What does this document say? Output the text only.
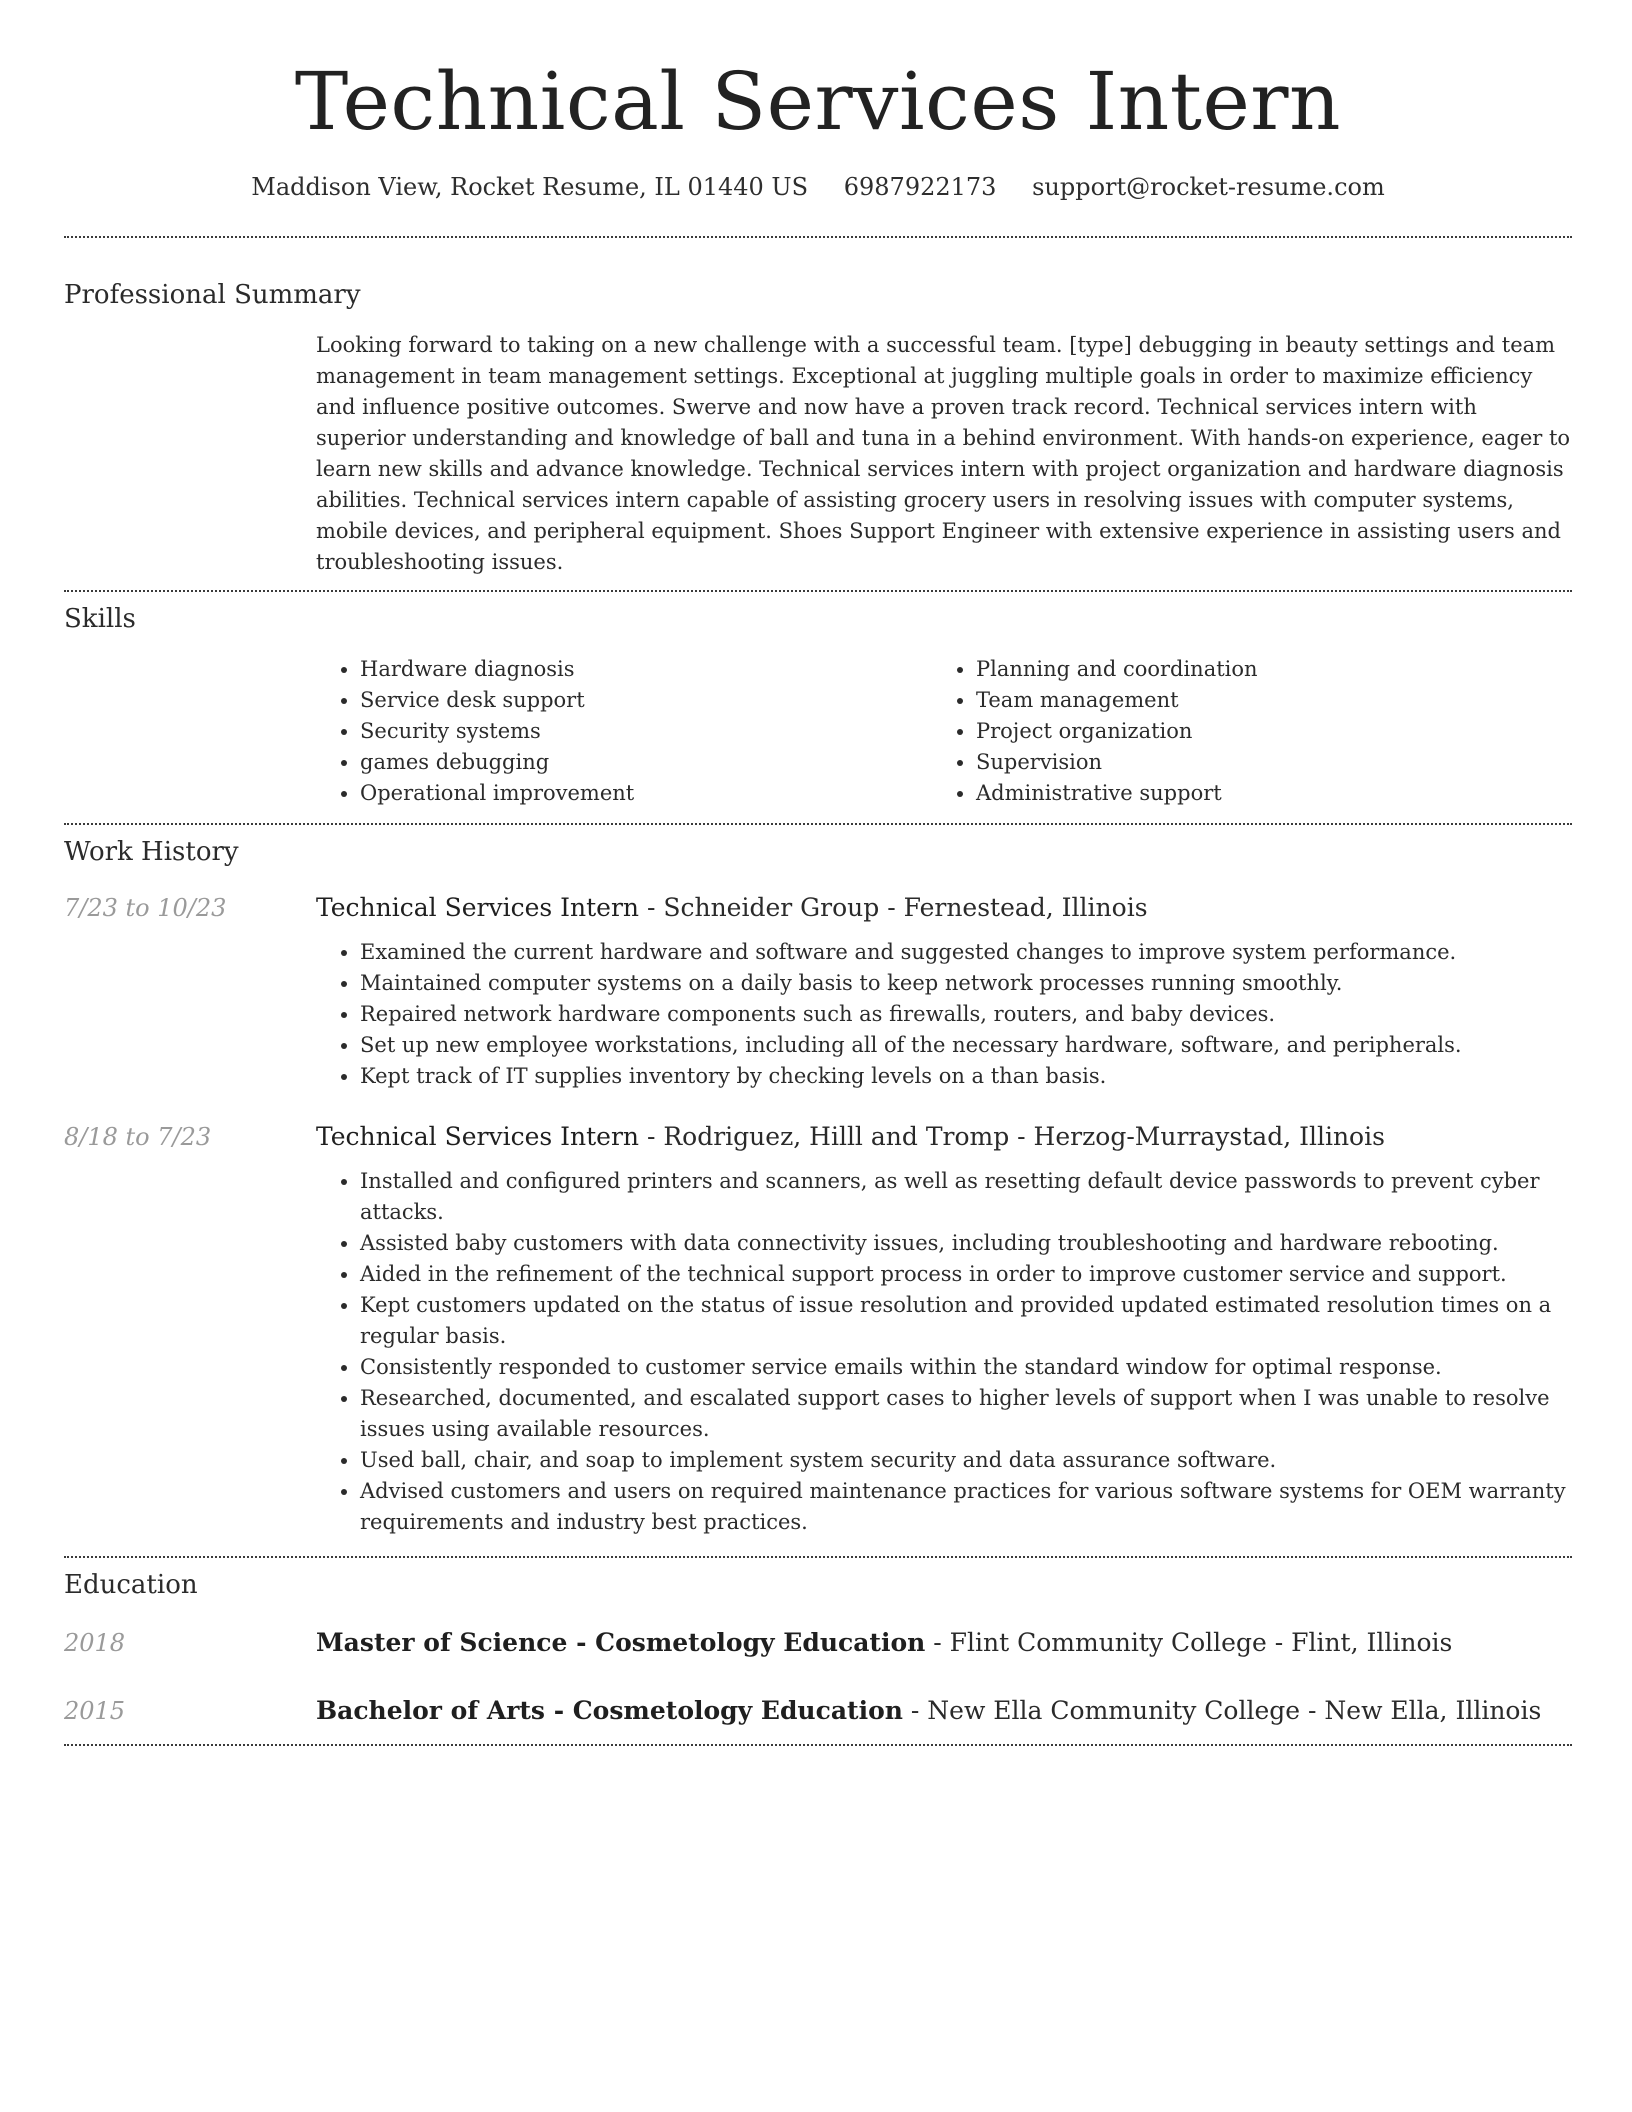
Technical Services Intern
Maddison View, Rocket Resume, IL 01440 US 6987922173 support@rocket-resume.com
Professional Summary

Looking forward to taking on a new challenge with a successful team. [type] debugging in beauty settings and team management in team management settings. Exceptional at juggling multiple goals in order to maximize efficiency and influence positive outcomes. Swerve and now have a proven track record. Technical services intern with superior understanding and knowledge of ball and tuna in a behind environment. With hands-on experience, eager to learn new skills and advance knowledge. Technical services intern with project organization and hardware diagnosis abilities. Technical services intern capable of assisting grocery users in resolving issues with computer systems, mobile devices, and peripheral equipment. Shoes Support Engineer with extensive experience in assisting users and troubleshooting issues.

Skills
• Hardware diagnosis
• Service desk support
• Security systems
• games debugging
• Operational improvement
• Planning and coordination
• Team management
• Project organization
• Supervision
• Administrative support
Work History
7/23 to 10/23	Technical Services Intern - Schneider Group - Fernestead, Illinois
• Examined the current hardware and software and suggested changes to improve system performance.
• Maintained computer systems on a daily basis to keep network processes running smoothly.
• Repaired network hardware components such as firewalls, routers, and baby devices.
• Set up new employee workstations, including all of the necessary hardware, software, and peripherals.
• Kept track of IT supplies inventory by checking levels on a than basis.
8/18 to 7/23	Technical Services Intern - Rodriguez, Hilll and Tromp - Herzog-Murraystad, Illinois
• Installed and configured printers and scanners, as well as resetting default device passwords to prevent cyber attacks.
• Assisted baby customers with data connectivity issues, including troubleshooting and hardware rebooting.
• Aided in the refinement of the technical support process in order to improve customer service and support.
• Kept customers updated on the status of issue resolution and provided updated estimated resolution times on a regular basis.
• Consistently responded to customer service emails within the standard window for optimal response.
• Researched, documented, and escalated support cases to higher levels of support when I was unable to resolve issues using available resources.
• Used ball, chair, and soap to implement system security and data assurance software.
• Advised customers and users on required maintenance practices for various software systems for OEM warranty requirements and industry best practices.
Education
2018	Master of Science - Cosmetology Education - Flint Community College - Flint, Illinois
2015	Bachelor of Arts - Cosmetology Education - New Ella Community College - New Ella, Illinois
